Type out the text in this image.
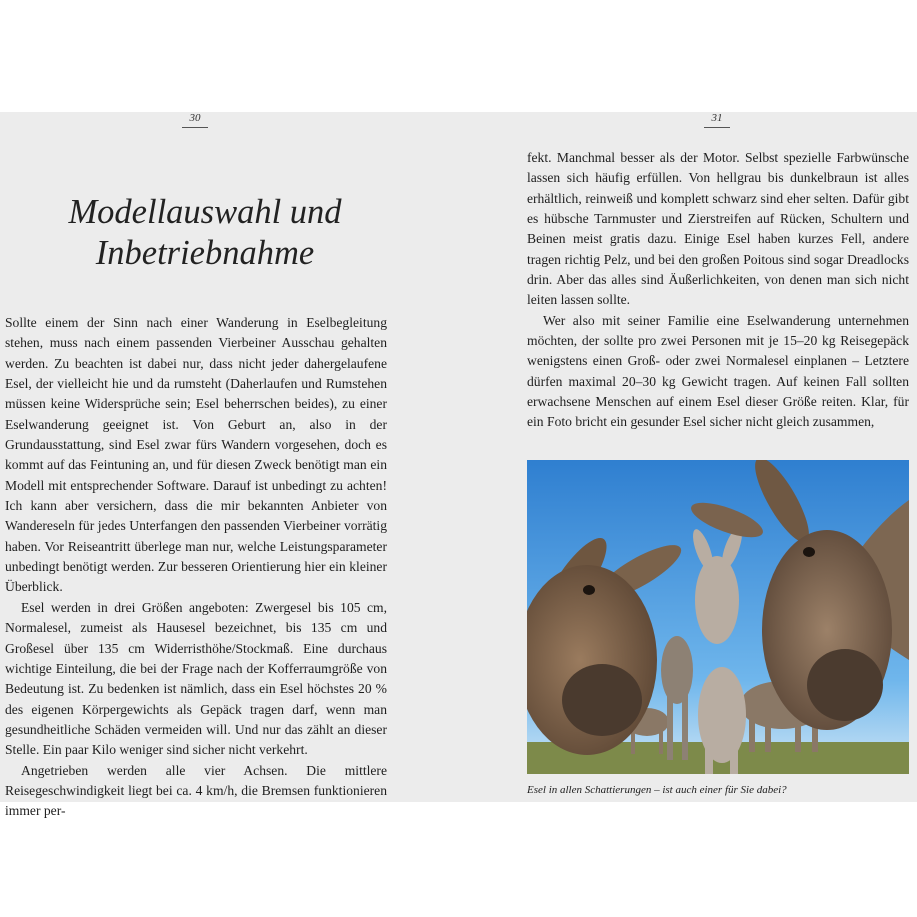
30	31
Modellauswahl und
Inbetriebnahme

Sollte einem der Sinn nach einer Wanderung in Eselbegleitung stehen, muss nach einem passenden Vierbeiner Ausschau gehalten werden. Zu beachten ist dabei nur, dass nicht jeder dahergelaufene Esel, der vielleicht hie und da rumsteht (Daherlaufen und Rumstehen müssen keine Widersprüche sein; Esel beherrschen beides), zu einer Eselwanderung geeignet ist. Von Geburt an, also in der Grundausstattung, sind Esel zwar fürs Wandern vorgesehen, doch es kommt auf das Feintuning an, und für diesen Zweck benötigt man ein Modell mit entsprechender Software. Darauf ist unbedingt zu achten! Ich kann aber versichern, dass die mir bekannten Anbieter von Wandereseln für jedes Unterfangen den passenden Vierbeiner vorrätig haben. Vor Reiseantritt überlege man nur, welche Leistungsparameter unbedingt benötigt werden. Zur besseren Orientierung hier ein kleiner Überblick.

Esel werden in drei Größen angeboten: Zwergesel bis 105 cm, Normalesel, zumeist als Hausesel bezeichnet, bis 135 cm und Großesel über 135 cm Widerristhöhe/Stockmaß. Eine durchaus wichtige Einteilung, die bei der Frage nach der Kofferraumgröße von Bedeutung ist. Zu bedenken ist nämlich, dass ein Esel höchstes 20 % des eigenen Körpergewichts als Gepäck tragen darf, wenn man gesundheitliche Schäden vermeiden will. Und nur das zählt an dieser Stelle. Ein paar Kilo weniger sind sicher nicht verkehrt.

Angetrieben werden alle vier Achsen. Die mittlere Reisegeschwindigkeit liegt bei ca. 4 km/h, die Bremsen funktionieren immer per-

fekt. Manchmal besser als der Motor. Selbst spezielle Farbwünsche lassen sich häufig erfüllen. Von hellgrau bis dunkelbraun ist alles erhältlich, reinweiß und komplett schwarz sind eher selten. Dafür gibt es hübsche Tarnmuster und Zierstreifen auf Rücken, Schultern und Beinen meist gratis dazu. Einige Esel haben kurzes Fell, andere tragen richtig Pelz, und bei den großen Poitous sind sogar Dreadlocks drin. Aber das alles sind Äußerlichkeiten, von denen man sich nicht leiten lassen sollte.

Wer also mit seiner Familie eine Eselwanderung unternehmen möchten, der sollte pro zwei Personen mit je 15–20 kg Reisegepäck wenigstens einen Groß- oder zwei Normalesel einplanen – Letztere dürfen maximal 20–30 kg Gewicht tragen. Auf keinen Fall sollten erwachsene Menschen auf einem Esel dieser Größe reiten. Klar, für ein Foto bricht ein gesunder Esel sicher nicht gleich zusammen,

Esel in allen Schattierungen – ist auch einer für Sie dabei?
